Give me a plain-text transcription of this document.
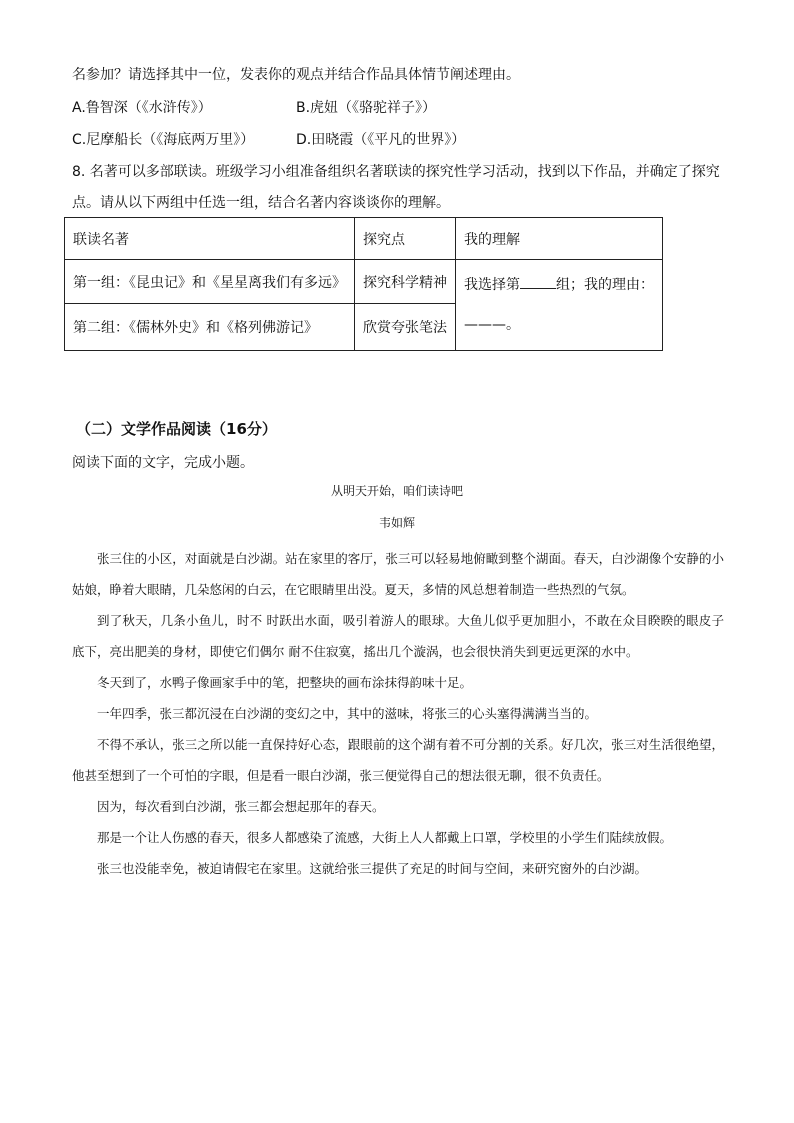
名参加？请选择其中一位，发表你的观点并结合作品具体情节阐述理由。
A.鲁智深（《水浒传》）	B.虎妞（《骆驼祥子》）
C.尼摩船长（《海底两万里》）	D.田晓霞（《平凡的世界》）
8. 名著可以多部联读。班级学习小组准备组织名著联读的探究性学习活动，找到以下作品，并确定了探究
点。请从以下两组中任选一组，结合名著内容谈谈你的理解。
联读名著	探究点	我的理解
第一组：《昆虫记》和《星星离我们有多远》	探究科学精神	我选择第 组；我的理由：
———。

第二组：《儒林外史》和《格列佛游记》	欣赏夸张笔法	
（二）文学作品阅读（16分）
阅读下面的文字，完成小题。
从明天开始，咱们读诗吧
韦如辉

张三住的小区，对面就是白沙湖。站在家里的客厅，张三可以轻易地俯瞰到整个湖面。春天，白沙湖像个安静的小姑娘，睁着大眼睛，几朵悠闲的白云，在它眼睛里出没。夏天，多情的风总想着制造一些热烈的气氛。

到了秋天，几条小鱼儿，时不 时跃出水面，吸引着游人的眼球。大鱼儿似乎更加胆小，不敢在众目睽睽的眼皮子底下，亮出肥美的身材，即使它们偶尔 耐不住寂寞，搖出几个漩涡，也会很快消失到更远更深的水中。

冬天到了，水鸭子像画家手中的笔，把整块的画布涂抹得韵味十足。

一年四季，张三都沉浸在白沙湖的变幻之中，其中的滋味，将张三的心头塞得满满当当的。

不得不承认，张三之所以能一直保持好心态，跟眼前的这个湖有着不可分割的关系。好几次，张三对生活很绝望，他甚至想到了一个可怕的字眼，但是看一眼白沙湖，张三便觉得自己的想法很无聊，很不负责任。

因为，每次看到白沙湖，张三都会想起那年的春天。

那是一个让人伤感的春天，很多人都感染了流感，大街上人人都戴上口罩，学校里的小学生们陆续放假。

张三也没能幸免，被迫请假宅在家里。这就给张三提供了充足的时间与空间，来研究窗外的白沙湖。
